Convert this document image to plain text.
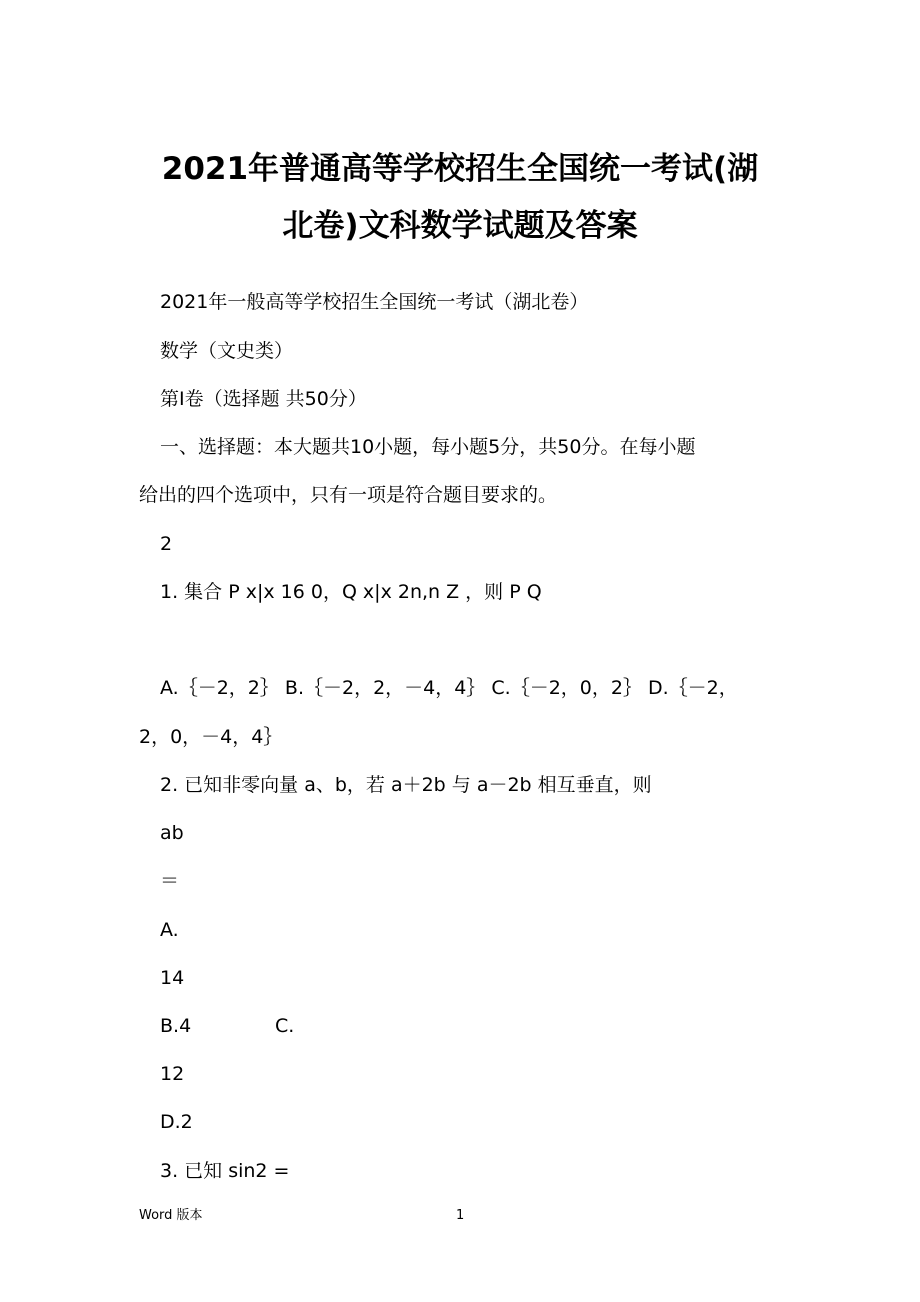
2021年普通高等学校招生全国统一考试(湖
北卷)文科数学试题及答案
2021年一般高等学校招生全国统一考试（湖北卷）
数学（文史类）
第Ⅰ卷（选择题 共50分）
一、选择题：本大题共10小题，每小题5分，共50分。在每小题
给出的四个选项中，只有一项是符合题目要求的。
2
1. 集合 P x|x 16 0，Q x|x 2n,n Z ，则 P Q
A.｛－2，2｝ B.｛－2，2，－4，4｝ C.｛－2，0，2｝ D.｛－2，
2，0，－4，4｝
2. 已知非零向量 a、b，若 a＋2b 与 a－2b 相互垂直，则
ab
＝
A.
14
B.4	C.
12
D.2
3. 已知 sin2 =
Word 版本	1
